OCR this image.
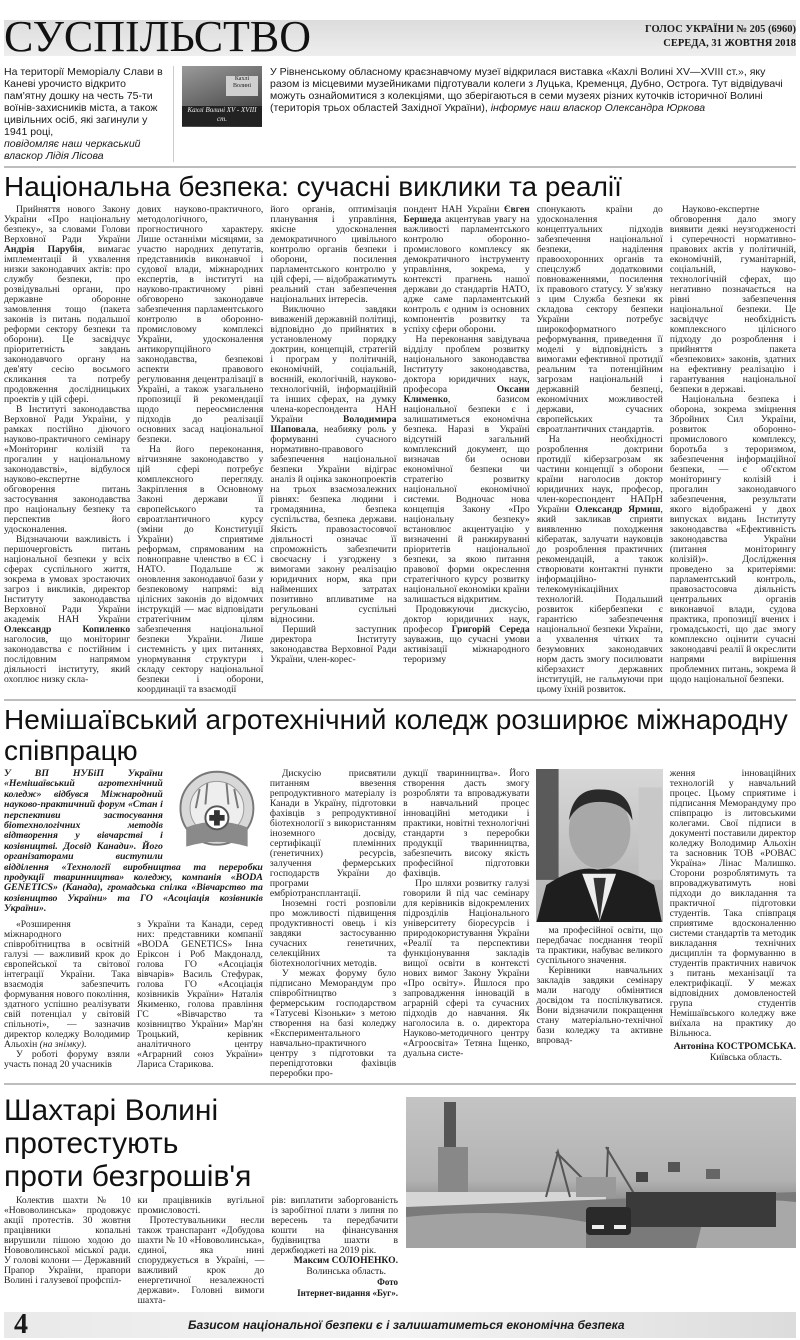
СУСПІЛЬСТВО	ГОЛОС УКРАЇНИ № 205 (6960)
СЕРЕДА, 31 ЖОВТНЯ 2018
На території Меморіалу Слави в Каневі урочисто відкрито пам'ятну дошку на честь 75-ти воїнів-захисників міста, а також цивільних осіб, які загинули у 1941 році,
повідомляє наш черкаський власкор Лідія Лісова
Кахлі Волині
Кахлі Волині XV - XVIII ст.
У Рівненському обласному краєзнавчому музеї відкрилася виставка «Кахлі Волині XV—XVIII ст.», яку разом із місцевими музейниками підготували колеги з Луцька, Кременця, Дубно, Острога. Тут відвідувачі можуть ознайомитися з колекціями, що зберігаються в семи музеях різних куточків історичної Волині (територія трьох областей Західної України), інформує наш власкор Олександра Юркова
Національна безпека: сучасні виклики та реалії

Прийняття нового Закону України «Про національну безпеку», за словами Голови Верховної Ради України Андрія Парубія, вимагає імплементації й ухвалення низки законодавчих актів: про службу безпеки, про розвідувальні органи, про державне оборонне замовлення тощо (пакета законів із питань подальшої реформи сектору безпеки та оборони). Це засвідчує пріоритетність завдань законодавчого органу на дев'яту сесію восьмого скликання та потребу продовження дослідницьких проектів у цій сфері.

В Інституті законодавства Верховної Ради України, у рамках постійно діючого науково-практичного семінару «Моніторинг колізій та прогалин у національному законодавстві», відбулося науково-експертне обговорення питань застосування законодавства про національну безпеку та перспектив його удосконалення.

Відзначаючи важливість і першочерговість питань національної безпеки у всіх сферах суспільного життя, зокрема в умовах зростаючих загроз і викликів, директор Інституту законодавства Верховної Ради України академік НАН України Олександр Копиленко наголосив, що моніторинг законодавства є постійним і послідовним напрямом діяльності інституту, який охоплює низку скла-

дових науково-практичного, методологічного, прогностичного характеру. Лише останніми місяцями, за участю народних депутатів, представників виконавчої і судової влади, міжнародних експертів, в інституті на науково-практичному рівні обговорено законодавче забезпечення парламентського контролю в оборонно-промисловому комплексі України, удосконалення антикорупційного законодавства, безпекові аспекти правового регулювання децентралізації в Україні, а також узагальнено пропозиції й рекомендації щодо переосмислення підходів до реалізації основних засад національної безпеки.

На його переконання, вітчизняне законодавство у цій сфері потребує комплексного перегляду. Закріплення в Основному Законі держави її європейського та євроатлантичного курсу (зміни до Конституції України) сприятиме реформам, спрямованим на повноправне членство в ЄС і НАТО. Подальше ж оновлення законодавчої бази у безпековому напрямі: від цілісних законів до відомчих інструкцій — має відповідати стратегічним цілям забезпечення національної безпеки України. Лише системність у цих питаннях, унормування структури і складу сектору національної безпеки і оборони, координації та взаємодії

його органів, оптимізація планування і управління, якісне удосконалення демократичного цивільного контролю органів безпеки і оборони, посилення парламентського контролю у цій сфері, — відображатимуть реальний стан забезпечення національних інтересів.

Виключно завдяки виваженій державній політиці, відповідно до прийнятих в установленому порядку доктрин, концепцій, стратегій і програм у політичній, економічній, соціальній, воєнній, екологічній, науково-технологічній, інформаційній та інших сферах, на думку члена-кореспондента НАН України Володимира Шаповала, неабияку роль у формуванні сучасного нормативно-правового забезпечення національної безпеки України відіграє аналіз й оцінка законопроектів на трьох взаємозалежних рівнях: безпека людини і громадянина, безпека суспільства, безпека держави. Якість правозастосовчої діяльності означає її спроможність забезпечити своєчасну і узгоджену з вимогами закону реалізацію юридичних норм, яка при найменших затратах позитивно впливатиме на регульовані суспільні відносини.

Перший заступник директора Інституту законодавства Верховної Ради України, член-корес-

пондент НАН України Євген Бершеда акцентував увагу на важливості парламентського контролю оборонно-промислового комплексу як демократичного інструменту управління, зокрема, у контексті прагнень нашої держави до стандартів НАТО, адже саме парламентський контроль є одним із основних компонентів розвитку та успіху сфери оборони.

На переконання завідувача відділу проблем розвитку національного законодавства Інституту законодавства, доктора юридичних наук, професора Оксани Клименко, базисом національної безпеки є і залишатиметься економічна безпека. Наразі в Україні відсутній загальний комплексний документ, що визначав би основи економічної безпеки чи стратегію розвитку національної економічної системи. Водночас нова концепція Закону «Про національну безпеку» встановлює акцентуацію у визначенні й ранжируванні пріоритетів національної безпеки, за якою питання правової форми окреслення стратегічного курсу розвитку національної економіки країни залишається відкритим.

Продовжуючи дискусію, доктор юридичних наук, професор Григорій Середа зауважив, що сучасні умови активізації міжнародного тероризму

спонукають країни до удосконалення концептуальних підходів забезпечення національної безпеки, наділення правоохоронних органів та спецслужб додатковими повноваженнями, посилення їх правового статусу. У зв'язку з цим Служба безпеки як складова сектору безпеки України потребує широкоформатного реформування, приведення її моделі у відповідність з вимогами ефективної протидії реальним та потенційним загрозам національній і державній безпеці, економічних можливостей держави, сучасних європейських та євроатлантичних стандартів.

На необхідності розроблення доктрини протидії кіберзагрозам як частини концепції з оборони країни наголосив доктор юридичних наук, професор, член-кореспондент НАПрН України Олександр Ярмиш, який закликав сприяти виявленню походження кібератак, залучати науковців до розроблення практичних рекомендацій, а також створювати контактні пункти інформаційно-телекомунікаційних технологій. Подальший розвиток кібербезпеки є гарантією забезпечення національної безпеки України, а ухвалення чітких та безумовних законодавчих норм дасть змогу посилювати кіберзахист державних інституцій, не гальмуючи при цьому їхній розвиток.

Науково-експертне обговорення дало змогу виявити деякі неузгодженості і суперечності нормативно-правових актів у політичній, економічній, гуманітарній, соціальній, науково-технологічній сферах, що негативно позначається на рівні забезпечення національної безпеки. Це засвідчує необхідність комплексного цілісного підходу до розроблення і прийняття пакета «безпекових» законів, здатних на ефективну реалізацію і гарантування національної безпеки в державі.

Національна безпека і оборона, зокрема зміцнення Збройних Сил України, розвиток оборонно-промислового комплексу, боротьба з тероризмом, забезпечення інформаційної безпеки, — є об'єктом моніторингу колізій і прогалин законодавчого забезпечення, результати якого відображені у двох випусках видань Інституту законодавства «Ефективність законодавства України (питання моніторингу колізій)». Дослідження проведено за критеріями: парламентський контроль, правозастосовча діяльність центральних органів виконавчої влади, судова практика, пропозиції вчених і громадськості, що дає змогу комплексно оцінити сучасні законодавчі реалії й окреслити напрями вирішення проблемних питань, зокрема й щодо національної безпеки.

Немішаївський агротехнічний коледж розширює міжнародну співпрацю
У ВП НУБіП України «Немішаївський агротехнічний коледж» відбувся Міжнародний науково-практичний форум «Стан і перспективи застосування біотехнологічних методів відтворення у вівчарстві і козівництві. Досвід Канади». Його організаторами виступили відділення «Технології виробництва та переробки продукції тваринництва» коледжу, компанія «BODA GENETICS» (Канада), громадська спілка «Вівчарство та козівництво України» та ГО «Асоціація козівників України».

«Розширення міжнародного співробітництва в освітній галузі — важливий крок до європейської та світової інтеграції України. Така взаємодія забезпечить формування нового покоління, здатного успішно реалізувати свій потенціал у світовій спільноті», — зазначив директор коледжу Володимир Альохін (на знімку).

У роботі форуму взяли участь понад 20 учасників

з України та Канади, серед них: представники компанії «BODA GENETICS» Інна Еріксон і Роб Макдоналд, голова ГО «Асоціація вівчарів» Василь Стефурак, голова ГО «Асоціація козівників України» Наталія Якименко, голова правління ГС «Вівчарство та козівництво України» Мар'ян Троцький, керівник аналітичного центру «Аграрний союз України» Лариса Старикова.

Дискусію присвятили питанням ввезення репродуктивного матеріалу із Канади в Україну, підготовки фахівців з репродуктивної біотехнології з використанням іноземного досвіду, сертифікації племінних (генетичних) ресурсів, залучення фермерських господарств України до програми ембріотрансплантації.

Іноземні гості розповіли про можливості підвищення продуктивності овець і кіз завдяки застосуванню сучасних генетичних, селекційних та біотехнологічних методів.

У межах форуму було підписано Меморандум про співробітництво з фермерським господарством «Татусеві Кізоньки» з метою створення на базі коледжу «Експериментального навчально-практичного центру з підготовки та перепідготовки фахівців переробки про-

дукції тваринництва». Його створення дасть змогу розробляти та впроваджувати в навчальний процес інноваційні методики і практики, новітні технологічні стандарти з переробки продукції тваринництва, забезпечить високу якість професійної підготовки фахівців.

Про шляхи розвитку галузі говорили й під час семінару для керівників відокремлених підрозділів Національного університету біоресурсів і природокористування України «Реалії та перспективи функціонування закладів вищої освіти в контексті нових вимог Закону України «Про освіту». Йшлося про запровадження інновацій в аграрній сфері та сучасних підходів до навчання. Як наголосила в. о. директора Науково-методичного центру «Агроосвіта» Тетяна Іщенко, дуальна систе-

ма професійної освіти, що передбачає поєднання теорії та практики, набуває великого суспільного значення.

Керівники навчальних закладів завдяки семінару мали нагоду обмінятися досвідом та поспілкуватися. Вони відзначили покращення стану матеріально-технічної бази коледжу та активне впровад-

ження інноваційних технологій у навчальний процес. Цьому сприятиме і підписання Меморандуму про співпрацю із литовськими колегами. Свої підписи в документі поставили директор коледжу Володимир Альохін та засновник ТОВ «РОВАС Україна» Лінас Малишко. Сторони розроблятимуть та впроваджуватимуть нові підходи до викладання та практичної підготовки студентів. Така співпраця сприятиме вдосконаленню системи стандартів та методик викладання технічних дисциплін та формуванню в студентів практичних навичок з питань механізації та електрифікації. У межах відповідних домовленостей група студентів Немішаївського коледжу вже виїхала на практику до Вільнюса.

Антоніна КОСТРОМСЬКА.
Київська область.
Шахтарі Волині протестують
проти безгрошів'я

Колектив шахти № 10 «Нововолинська» продовжує акції протестів. 30 жовтня працівники копальні вирушили пішою ходою до Нововолинської міської ради. У голові колони — Державний Прапор України, прапори Волині і галузевої профспіл-

ки працівників вугільної промисловості.

Протестувальники несли також транспарант «Добудова шахти № 10 «Нововолинська», єдиної, яка нині споруджується в Україні, — важливий крок до енергетичної незалежності держави». Головні вимоги шахта-

рів: виплатити заборгованість із заробітної плати з липня по вересень та передбачити кошти на фінансування будівництва шахти в держбюджеті на 2019 рік.

Максим СОЛОНЕНКО.
Волинська область.
Фото
Інтернет-видання «Буг».
4	Базисом національної безпеки є і залишатиметься економічна безпека
